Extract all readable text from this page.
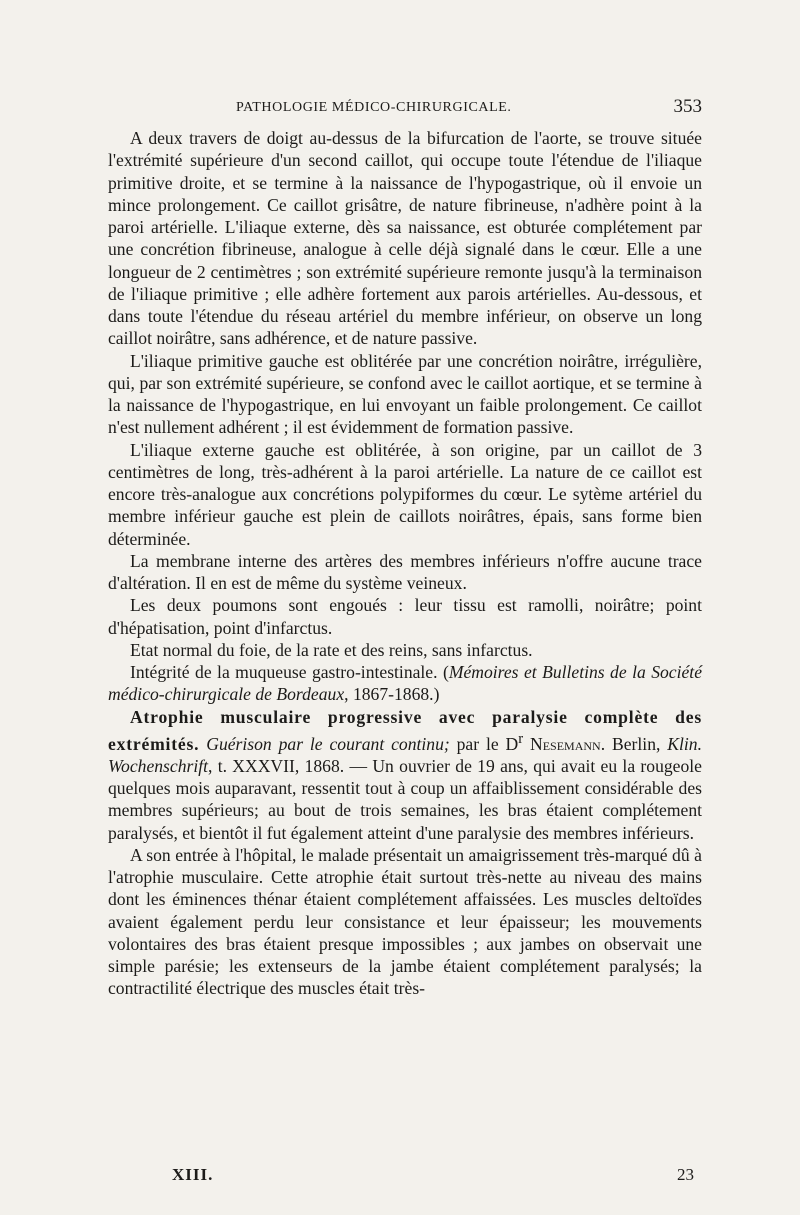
PATHOLOGIE MÉDICO-CHIRURGICALE.	353

A deux travers de doigt au-dessus de la bifurcation de l'aorte, se trouve située l'extrémité supérieure d'un second caillot, qui occupe toute l'étendue de l'iliaque primitive droite, et se termine à la naissance de l'hypogastrique, où il envoie un mince prolongement. Ce caillot grisâtre, de nature fibrineuse, n'adhère point à la paroi artérielle. L'iliaque externe, dès sa naissance, est obturée complétement par une concrétion fibrineuse, analogue à celle déjà signalé dans le cœur. Elle a une longueur de 2 centimètres ; son extrémité supérieure remonte jusqu'à la terminaison de l'iliaque primitive ; elle adhère fortement aux parois artérielles. Au-dessous, et dans toute l'étendue du réseau artériel du membre inférieur, on observe un long caillot noirâtre, sans adhérence, et de nature passive.

L'iliaque primitive gauche est oblitérée par une concrétion noirâtre, irrégulière, qui, par son extrémité supérieure, se confond avec le caillot aortique, et se termine à la naissance de l'hypogastrique, en lui envoyant un faible prolongement. Ce caillot n'est nullement adhérent ; il est évidemment de formation passive.

L'iliaque externe gauche est oblitérée, à son origine, par un caillot de 3 centimètres de long, très-adhérent à la paroi artérielle. La nature de ce caillot est encore très-analogue aux concrétions polypiformes du cœur. Le sytème artériel du membre inférieur gauche est plein de caillots noirâtres, épais, sans forme bien déterminée.

La membrane interne des artères des membres inférieurs n'offre aucune trace d'altération. Il en est de même du système veineux.

Les deux poumons sont engoués : leur tissu est ramolli, noirâtre; point d'hépatisation, point d'infarctus.

Etat normal du foie, de la rate et des reins, sans infarctus.

Intégrité de la muqueuse gastro-intestinale. (Mémoires et Bulletins de la Société médico-chirurgicale de Bordeaux, 1867-1868.)

Atrophie musculaire progressive avec paralysie complète des extrémités. Guérison par le courant continu; par le $D^r$ Nesemann. Berlin, Klin. Wochenschrift, t. XXXVII, 1868. — Un ouvrier de 19 ans, qui avait eu la rougeole quelques mois auparavant, ressentit tout à coup un affaiblissement considérable des membres supérieurs; au bout de trois semaines, les bras étaient complétement paralysés, et bientôt il fut également atteint d'une paralysie des membres inférieurs.

A son entrée à l'hôpital, le malade présentait un amaigrissement très-marqué dû à l'atrophie musculaire. Cette atrophie était surtout très-nette au niveau des mains dont les éminences thénar étaient complétement affaissées. Les muscles deltoïdes avaient également perdu leur consistance et leur épaisseur; les mouvements volontaires des bras étaient presque impossibles ; aux jambes on observait une simple parésie; les extenseurs de la jambe étaient complétement paralysés; la contractilité électrique des muscles était très-

XIII.	23
